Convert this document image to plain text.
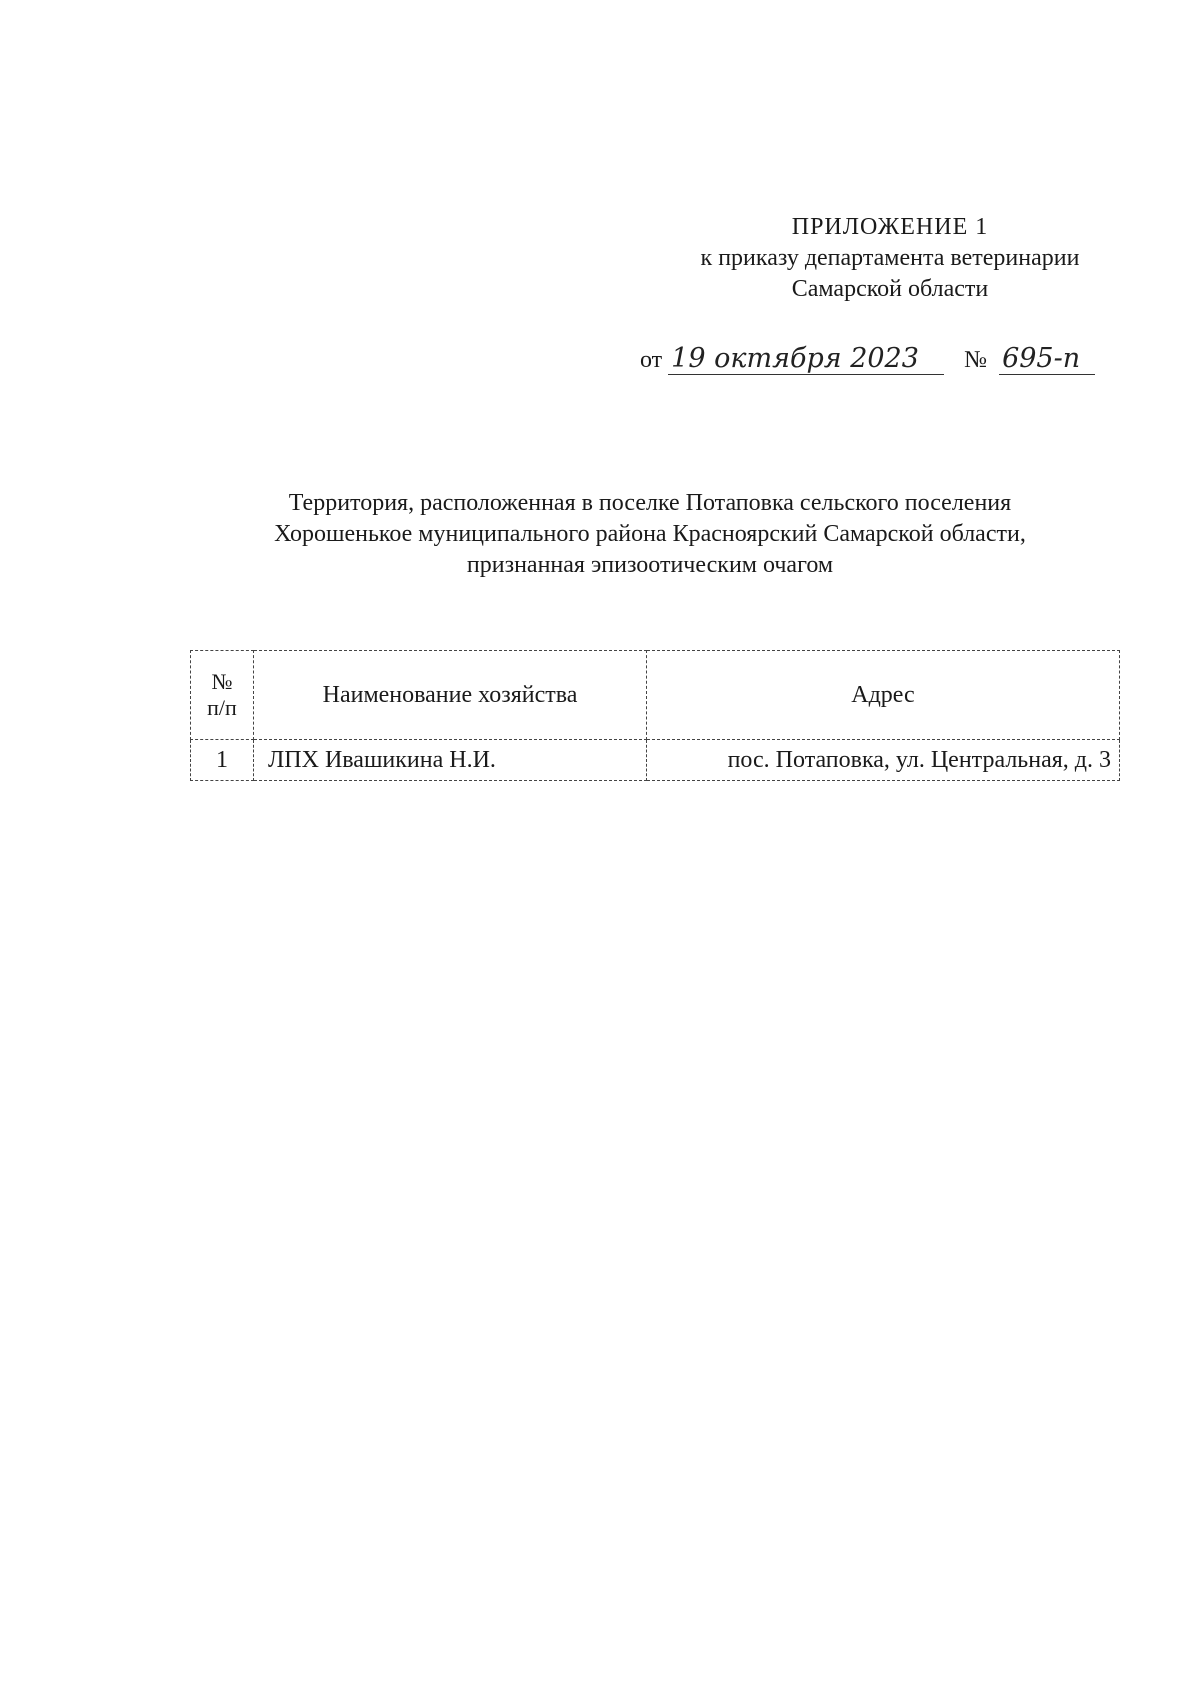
ПРИЛОЖЕНИЕ 1
к приказу департамента ветеринарии
Самарской области
от 19 октября 2023 № 695-п
Территория, расположенная в поселке Потаповка сельского поселения
Хорошенькое муниципального района Красноярский Самарской области,
признанная эпизоотическим очагом
№
п/п	Наименование хозяйства	Адрес
1	ЛПХ Ивашикина Н.И.	пос. Потаповка, ул. Центральная, д. 3
